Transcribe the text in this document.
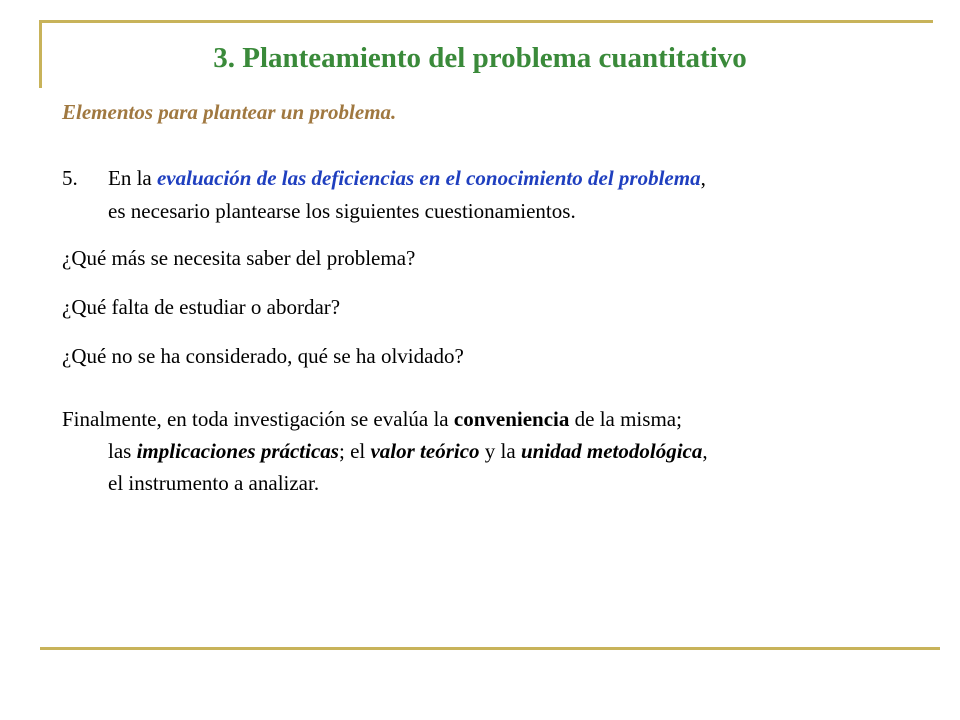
3. Planteamiento del problema cuantitativo
Elementos para plantear un problema.
5. En la evaluación de las deficiencias en el conocimiento del problema,
es necesario plantearse los siguientes cuestionamientos.
¿Qué más se necesita saber del problema?
¿Qué falta de estudiar o abordar?
¿Qué no se ha considerado, qué se ha olvidado?
Finalmente, en toda investigación se evalúa la conveniencia de la misma;
las implicaciones prácticas; el valor teórico y la unidad metodológica,
el instrumento a analizar.
